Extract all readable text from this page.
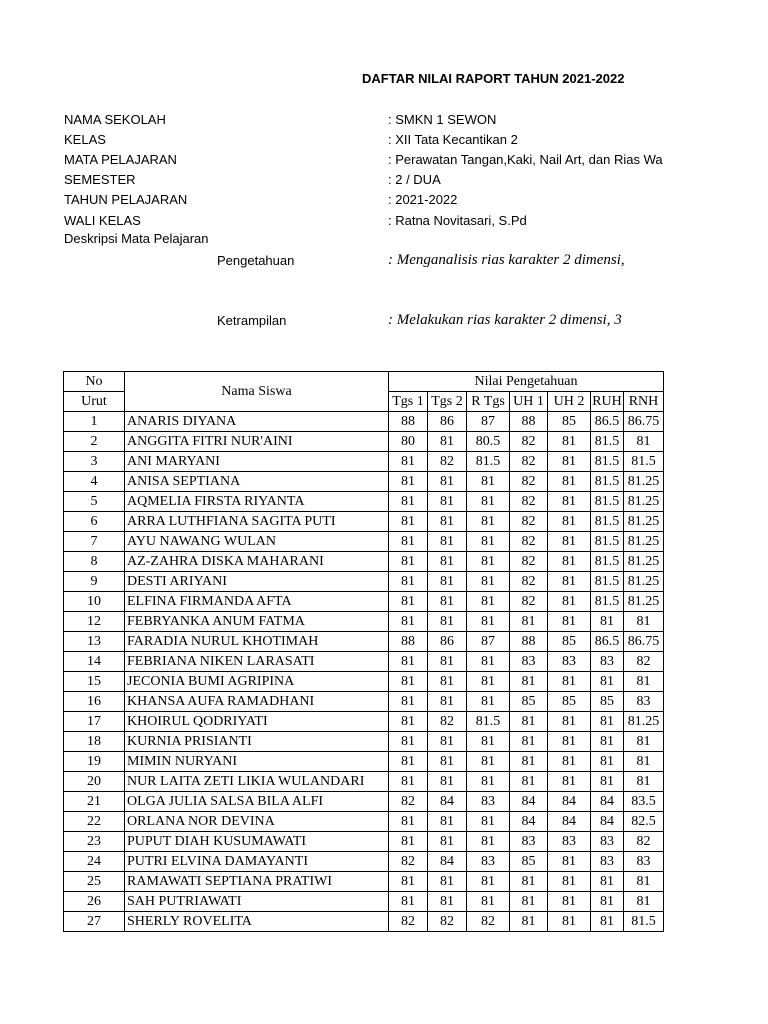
DAFTAR NILAI RAPORT TAHUN 2021-2022
NAMA SEKOLAH	: SMKN 1 SEWON
KELAS	: XII Tata Kecantikan 2
MATA PELAJARAN	: Perawatan Tangan,Kaki, Nail Art, dan Rias Wa
SEMESTER	: 2 / DUA
TAHUN PELAJARAN	: 2021-2022
WALI KELAS	: Ratna Novitasari, S.Pd
Deskripsi Mata Pelajaran
Pengetahuan	: Menganalisis rias karakter 2 dimensi,
Ketrampilan	: Melakukan rias karakter 2 dimensi, 3
No	Nama Siswa	Nilai Pengetahuan						
Urut		Tgs 1	Tgs 2	R Tgs	UH 1	UH 2	RUH	RNH
1	ANARIS DIYANA	88	86	87	88	85	86.5	86.75
2	ANGGITA FITRI NUR'AINI	80	81	80.5	82	81	81.5	81
3	ANI MARYANI	81	82	81.5	82	81	81.5	81.5
4	ANISA SEPTIANA	81	81	81	82	81	81.5	81.25
5	AQMELIA FIRSTA RIYANTA	81	81	81	82	81	81.5	81.25
6	ARRA LUTHFIANA SAGITA PUTI	81	81	81	82	81	81.5	81.25
7	AYU NAWANG WULAN	81	81	81	82	81	81.5	81.25
8	AZ-ZAHRA DISKA MAHARANI	81	81	81	82	81	81.5	81.25
9	DESTI ARIYANI	81	81	81	82	81	81.5	81.25
10	ELFINA FIRMANDA AFTA	81	81	81	82	81	81.5	81.25
12	FEBRYANKA ANUM FATMA	81	81	81	81	81	81	81
13	FARADIA NURUL KHOTIMAH	88	86	87	88	85	86.5	86.75
14	FEBRIANA NIKEN LARASATI	81	81	81	83	83	83	82
15	JECONIA BUMI AGRIPINA	81	81	81	81	81	81	81
16	KHANSA AUFA RAMADHANI	81	81	81	85	85	85	83
17	KHOIRUL QODRIYATI	81	82	81.5	81	81	81	81.25
18	KURNIA PRISIANTI	81	81	81	81	81	81	81
19	MIMIN NURYANI	81	81	81	81	81	81	81
20	NUR LAITA ZETI LIKIA WULANDARI	81	81	81	81	81	81	81
21	OLGA JULIA SALSA BILA ALFI	82	84	83	84	84	84	83.5
22	ORLANA NOR DEVINA	81	81	81	84	84	84	82.5
23	PUPUT DIAH KUSUMAWATI	81	81	81	83	83	83	82
24	PUTRI ELVINA DAMAYANTI	82	84	83	85	81	83	83
25	RAMAWATI SEPTIANA PRATIWI	81	81	81	81	81	81	81
26	SAH PUTRIAWATI	81	81	81	81	81	81	81
27	SHERLY ROVELITA	82	82	82	81	81	81	81.5
